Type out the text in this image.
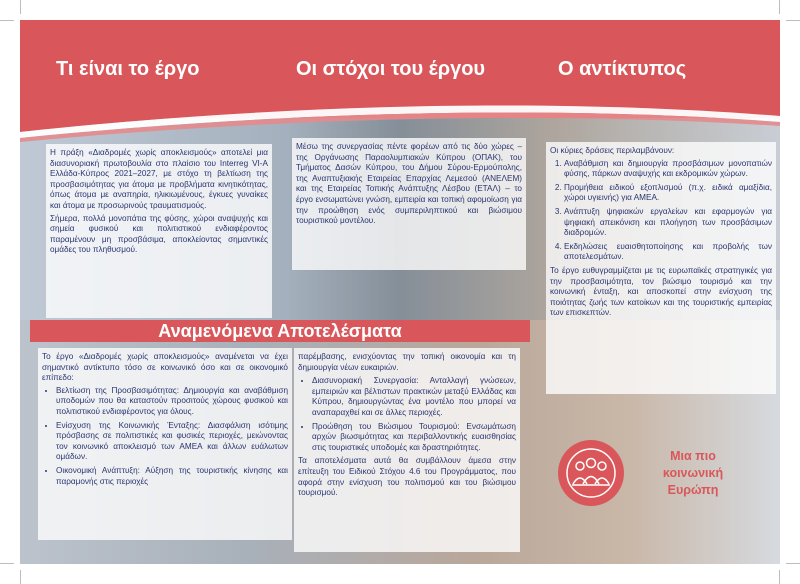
Τι είναι το έργο	Οι στόχοι του έργου	Ο αντίκτυπος

Η πράξη «Διαδρομές χωρίς αποκλεισμούς» αποτελεί μια διασυνοριακή πρωτοβουλία στο πλαίσιο του Interreg VI-A Ελλάδα-Κύπρος 2021–2027, με στόχο τη βελτίωση της προσβασιμότητας για άτομα με προβλήματα κινητικότητας, όπως άτομα με αναπηρία, ηλικιωμένους, έγκυες γυναίκες και άτομα με προσωρινούς τραυματισμούς.

Σήμερα, πολλά μονοπάτια της φύσης, χώροι αναψυχής και σημεία φυσικού και πολιτιστικού ενδιαφέροντος παραμένουν μη προσβάσιμα, αποκλείοντας σημαντικές ομάδες του πληθυσμού.

Μέσω της συνεργασίας πέντε φορέων από τις δύο χώρες – της Οργάνωσης Παραολυμπιακών Κύπρου (ΟΠΑΚ), του Τμήματος Δασών Κύπρου, του Δήμου Σύρου-Ερμούπολης, της Αναπτυξιακής Εταιρείας Επαρχίας Λεμεσού (ΑΝΕΛΕΜ) και της Εταιρείας Τοπικής Ανάπτυξης Λέσβου (ΕΤΑΛ) – το έργο ενσωματώνει γνώση, εμπειρία και τοπική αφομοίωση για την προώθηση ενός συμπεριληπτικού και βιώσιμου τουριστικού μοντέλου.

Οι κύριες δράσεις περιλαμβάνουν:

1. Αναβάθμιση και δημιουργία προσβάσιμων μονοπατιών φύσης, πάρκων αναψυχής και εκδρομικών χώρων.
2. Προμήθεια ειδικού εξοπλισμού (π.χ. ειδικά αμαξίδια, χώροι υγιεινής) για ΑΜΕΑ.
3. Ανάπτυξη ψηφιακών εργαλείων και εφαρμογών για ψηφιακή απεικόνιση και πλοήγηση των προσβάσιμων διαδρομών.
4. Εκδηλώσεις ευαισθητοποίησης και προβολής των αποτελεσμάτων.

Το έργο ευθυγραμμίζεται με τις ευρωπαϊκές στρατηγικές για την προσβασιμότητα, τον βιώσιμο τουρισμό και την κοινωνική ένταξη, και αποσκοπεί στην ενίσχυση της ποιότητας ζωής των κατοίκων και της τουριστικής εμπειρίας των επισκεπτών.

Αναμενόμενα Αποτελέσματα

Το έργο «Διαδρομές χωρίς αποκλεισμούς» αναμένεται να έχει σημαντικό αντίκτυπο τόσο σε κοινωνικό όσο και σε οικονομικό επίπεδο:

• Βελτίωση της Προσβασιμότητας: Δημιουργία και αναβάθμιση υποδομών που θα καταστούν προσιτούς χώρους φυσικού και πολιτιστικού ενδιαφέροντος για όλους.
• Ενίσχυση της Κοινωνικής Ένταξης: Διασφάλιση ισότιμης πρόσβασης σε πολιτιστικές και φυσικές περιοχές, μειώνοντας τον κοινωνικό αποκλεισμό των ΑΜΕΑ και άλλων ευάλωτων ομάδων.
• Οικονομική Ανάπτυξη: Αύξηση της τουριστικής κίνησης και παραμονής στις περιοχές

παρέμβασης, ενισχύοντας την τοπική οικονομία και τη δημιουργία νέων ευκαιριών.

• Διασυνοριακή Συνεργασία: Ανταλλαγή γνώσεων, εμπειριών και βέλτιστων πρακτικών μεταξύ Ελλάδας και Κύπρου, δημιουργώντας ένα μοντέλο που μπορεί να αναπαραχθεί και σε άλλες περιοχές.
• Προώθηση του Βιώσιμου Τουρισμού: Ενσωμάτωση αρχών βιωσιμότητας και περιβαλλοντικής ευαισθησίας στις τουριστικές υποδομές και δραστηριότητες.

Τα αποτελέσματα αυτά θα συμβάλλουν άμεσα στην επίτευξη του Ειδικού Στόχου 4.6 του Προγράμματος, που αφορά στην ενίσχυση του πολιτισμού και του βιώσιμου τουρισμού.

Μια πιο
κοινωνική
Ευρώπη
